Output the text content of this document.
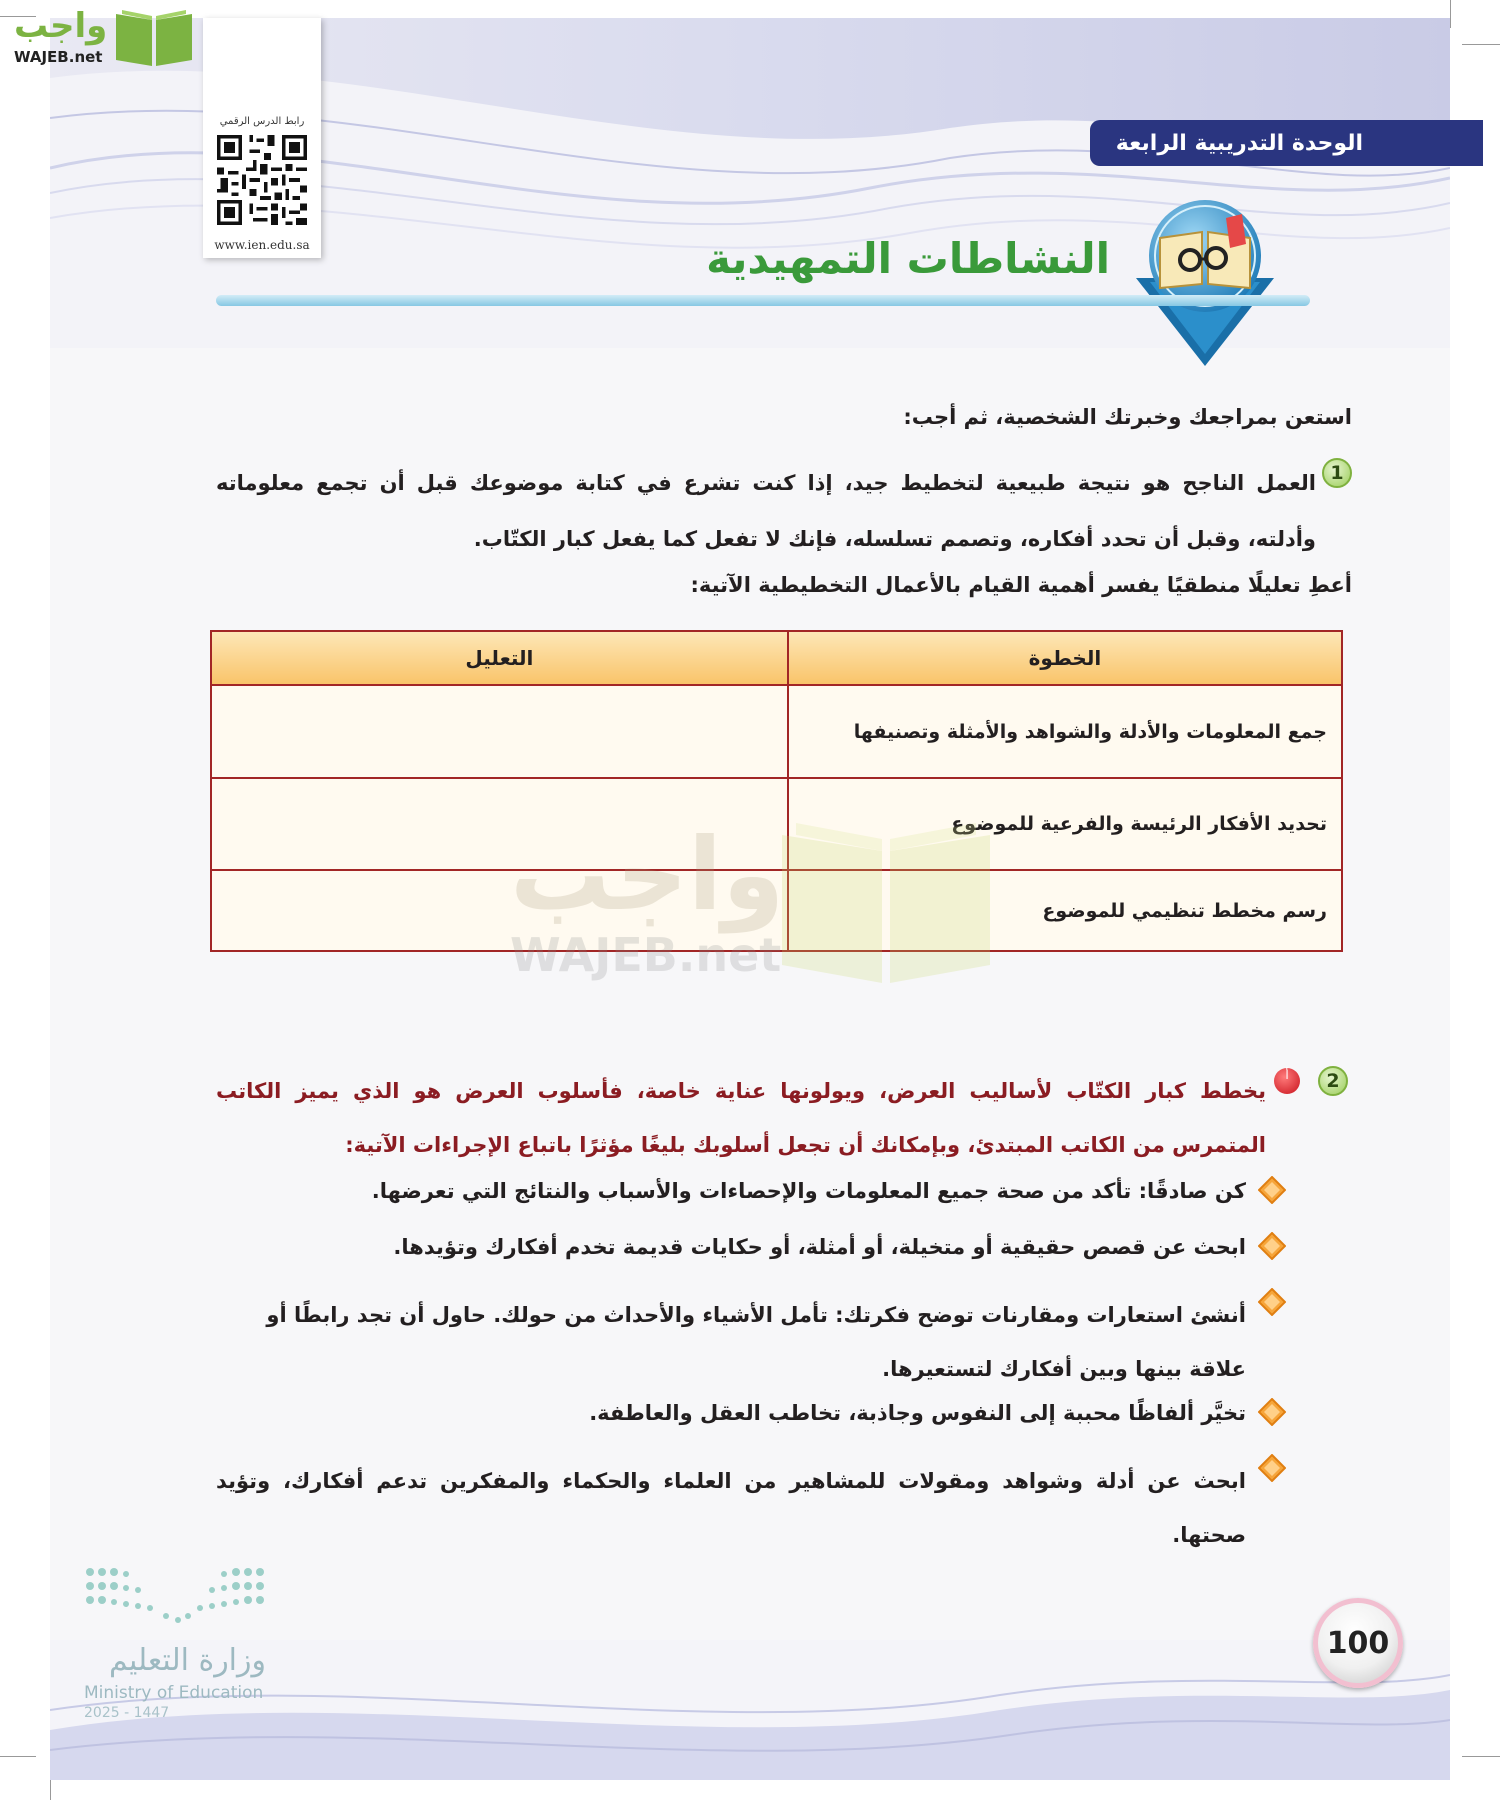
واجب
WAJEB.net
رابط الدرس الرقمي
www.ien.edu.sa
الوحدة التدريبية الرابعة
النشاطات التمهيدية
استعن بمراجعك وخبرتك الشخصية، ثم أجب:
1
العمل الناجح هو نتيجة طبيعية لتخطيط جيد، إذا كنت تشرع في كتابة موضوعك قبل أن تجمع معلوماته وأدلته، وقبل أن تحدد أفكاره، وتصمم تسلسله، فإنك لا تفعل كما يفعل كبار الكتّاب.
أعطِ تعليلًا منطقيًا يفسر أهمية القيام بالأعمال التخطيطية الآتية:
الخطوة	التعليل
جمع المعلومات والأدلة والشواهد والأمثلة وتصنيفها	
تحديد الأفكار الرئيسة والفرعية للموضوع	
رسم مخطط تنظيمي للموضوع	
واجب
WAJEB.net
2
أ
يخطط كبار الكتّاب لأساليب العرض، ويولونها عناية خاصة، فأسلوب العرض هو الذي يميز الكاتب المتمرس من الكاتب المبتدئ، وبإمكانك أن تجعل أسلوبك بليغًا مؤثرًا باتباع الإجراءات الآتية:
كن صادقًا: تأكد من صحة جميع المعلومات والإحصاءات والأسباب والنتائج التي تعرضها.
ابحث عن قصص حقيقية أو متخيلة، أو أمثلة، أو حكايات قديمة تخدم أفكارك وتؤيدها.
أنشئ استعارات ومقارنات توضح فكرتك: تأمل الأشياء والأحداث من حولك. حاول أن تجد رابطًا أو علاقة بينها وبين أفكارك لتستعيرها.
تخيَّر ألفاظًا محببة إلى النفوس وجاذبة، تخاطب العقل والعاطفة.
ابحث عن أدلة وشواهد ومقولات للمشاهير من العلماء والحكماء والمفكرين تدعم أفكارك، وتؤيد صحتها.
وزارة التعليم
Ministry of Education
2025 - 1447
100
